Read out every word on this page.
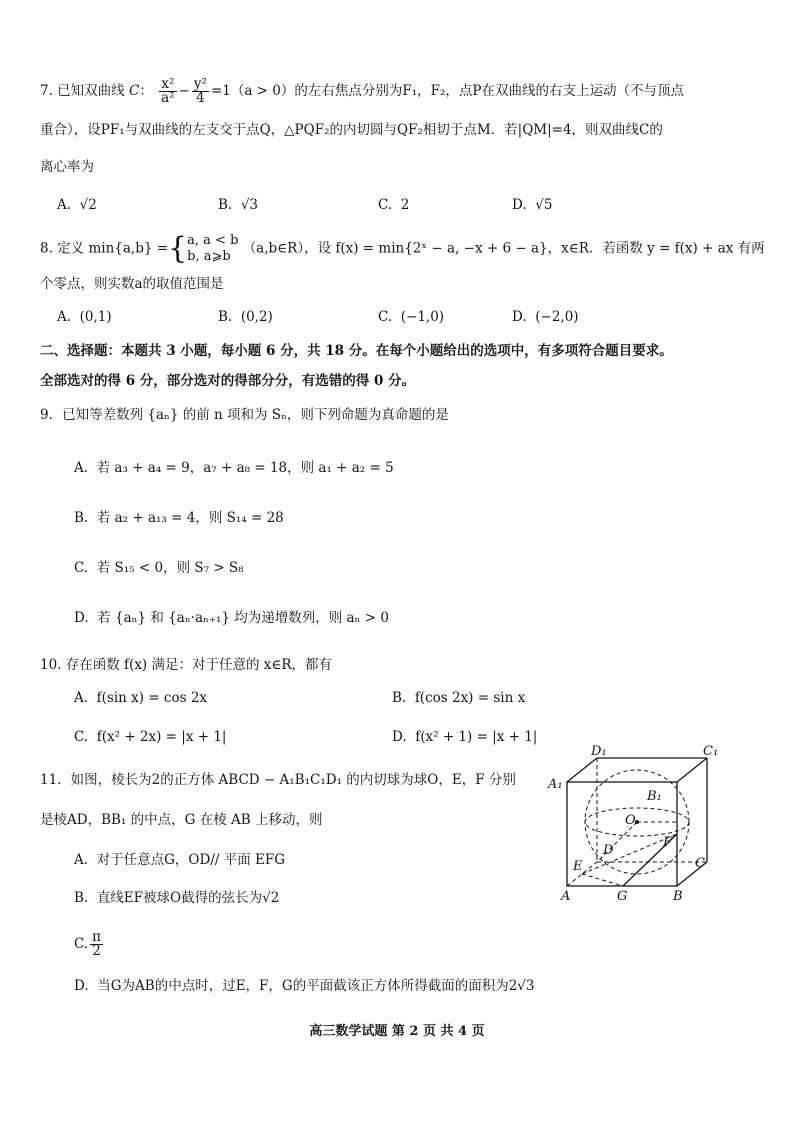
7. 已知双曲线 C： $\frac{\text{x²}}{\text{a²}} - \frac{\text{y²}}{4} =1(a > 0)$的左右焦点分别为F₁，F₂，点P在双曲线的右支上运动（不与顶点
重合），设PF₁与双曲线的左支交于点Q，△PQF₂的内切圆与QF₂相切于点M．若|QM|=4，则双曲线C的
离心率为
A. √2	B. √3	C. 2	D. √5
8. 定义 min{a,b} ={a, a < b
b, a⩾b （a,b∈R），设 f(x) = min{2ˣ − a, −x + 6 − a}，x∈R．若函数 y = f(x) + ax 有两
个零点，则实数a的取值范围是
A. (0,1)	B. (0,2)	C. (−1,0)	D. (−2,0)
二、选择题：本题共 3 小题，每小题 6 分，共 18 分。在每个小题给出的选项中，有多项符合题目要求。
全部选对的得 6 分，部分选对的得部分分，有选错的得 0 分。
9．已知等差数列 {aₙ} 的前 n 项和为 Sₙ，则下列命题为真命题的是
A. 若 a₃ + a₄ = 9，a₇ + a₈ = 18，则 a₁ + a₂ = 5
B. 若 a₂ + a₁₃ = 4，则 S₁₄ = 28
C. 若 S₁₅ < 0，则 S₇ > S₈
D. 若 {aₙ} 和 {aₙ·aₙ₊₁} 均为递增数列，则 aₙ > 0
10. 存在函数 f(x) 满足：对于任意的 x∈R，都有
A. f(sin x) = cos 2x	B. f(cos 2x) = sin x
C. f(x² + 2x) = |x + 1|	D. f(x² + 1) = |x + 1|
11．如图，棱长为2的正方体 ABCD − A₁B₁C₁D₁ 的内切球为球O，E，F 分别
是棱AD，BB₁ 的中点，G 在棱 AB 上移动，则
A. 对于任意点G，OD// 平面 EFG
B. 直线EF被球O截得的弦长为√2
C. $\frac{\pi}{2}$
D. 当G为AB的中点时，过E，F，G的平面截该正方体所得截面的面积为2√3
D₁	C₁
A₁
B₁
O
D
F
E	C
A	G	B
高三数学试题 第 2 页 共 4 页
